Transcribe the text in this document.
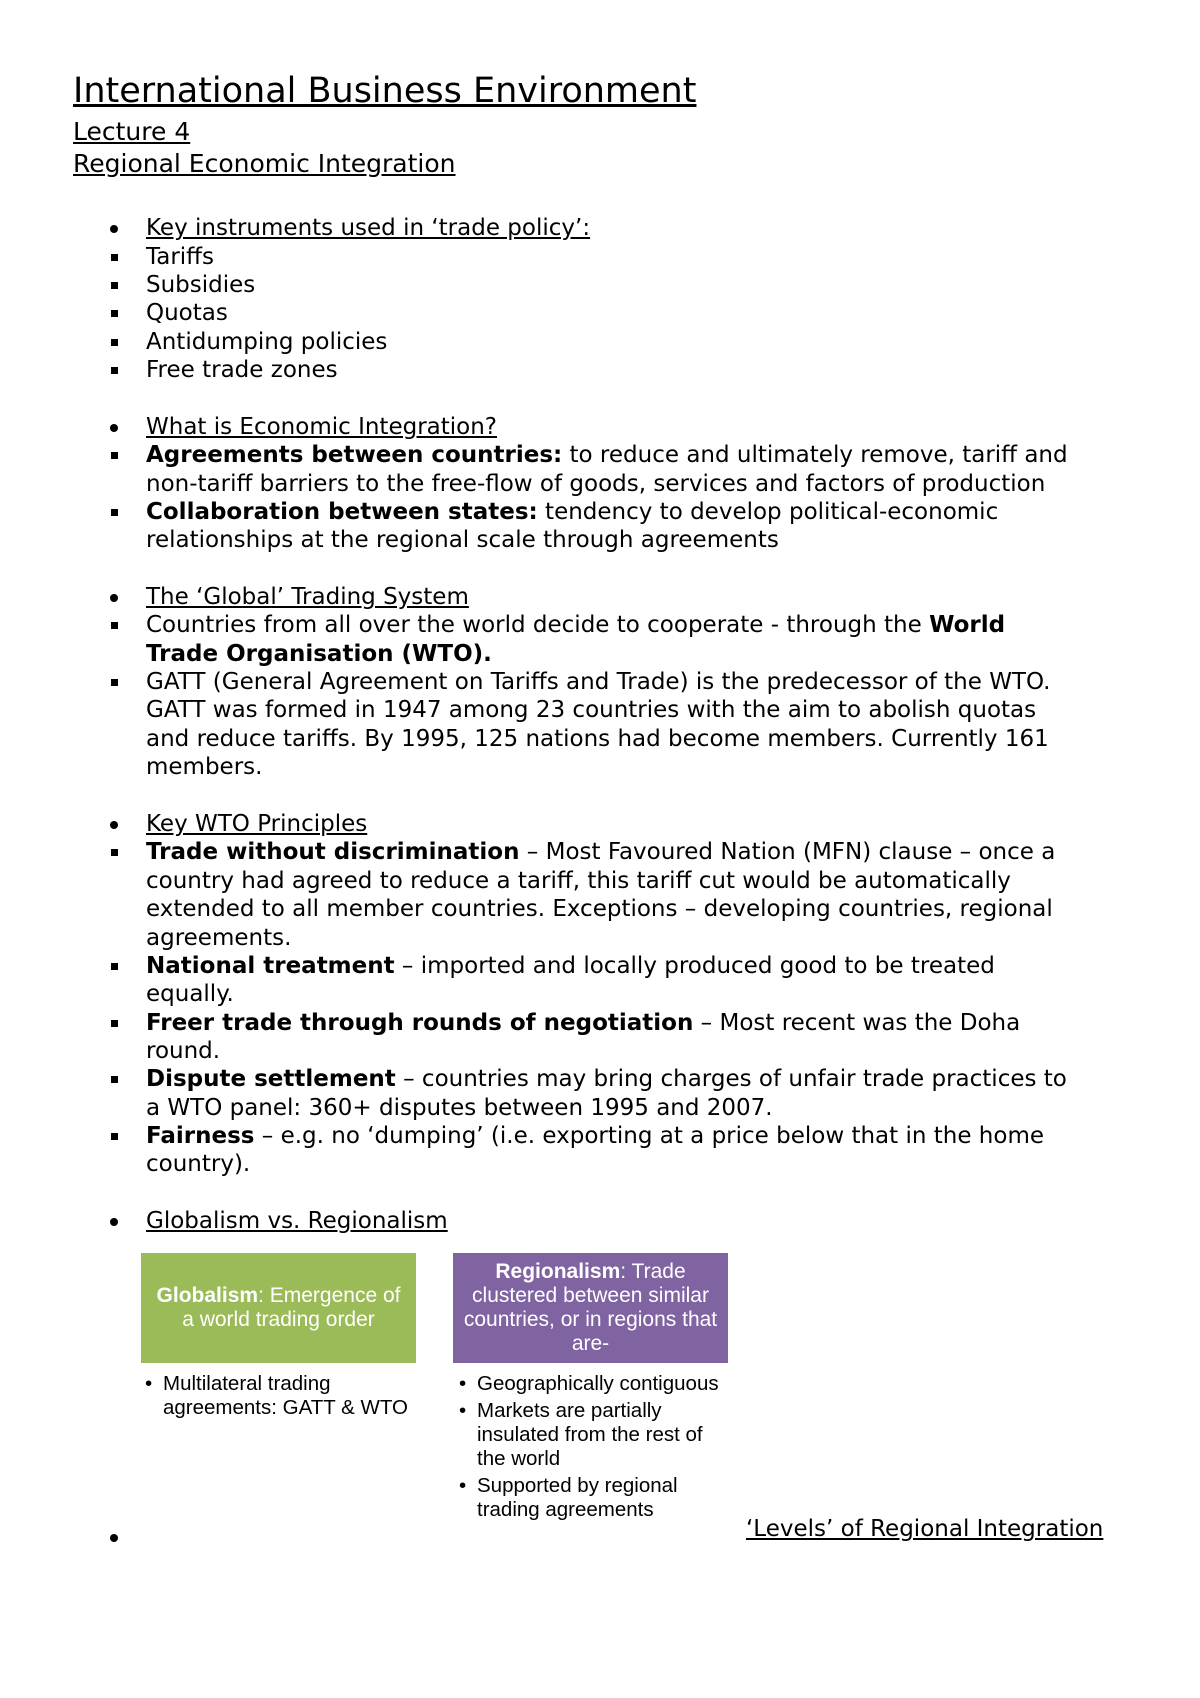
International Business Environment
Lecture 4
Regional Economic Integration
Key instruments used in ‘trade policy’:
Tariffs
Subsidies
Quotas
Antidumping policies
Free trade zones
What is Economic Integration?
Agreements between countries: to reduce and ultimately remove, tariff and
non-tariff barriers to the free-flow of goods, services and factors of production
Collaboration between states: tendency to develop political-economic
relationships at the regional scale through agreements
The ‘Global’ Trading System
Countries from all over the world decide to cooperate - through the World
Trade Organisation (WTO).
GATT (General Agreement on Tariffs and Trade) is the predecessor of the WTO.
GATT was formed in 1947 among 23 countries with the aim to abolish quotas
and reduce tariffs. By 1995, 125 nations had become members. Currently 161
members.
Key WTO Principles
Trade without discrimination – Most Favoured Nation (MFN) clause – once a
country had agreed to reduce a tariff, this tariff cut would be automatically
extended to all member countries. Exceptions – developing countries, regional
agreements.
National treatment – imported and locally produced good to be treated
equally.
Freer trade through rounds of negotiation – Most recent was the Doha
round.
Dispute settlement – countries may bring charges of unfair trade practices to
a WTO panel: 360+ disputes between 1995 and 2007.
Fairness – e.g. no ‘dumping’ (i.e. exporting at a price below that in the home
country).
Globalism vs. Regionalism
Globalism: Emergence of a world trading order
• Multilateral trading agreements: GATT & WTO
Regionalism: Trade clustered between similar countries, or in regions that are-
• Geographically contiguous
• Markets are partially insulated from the rest of the world
• Supported by regional trading agreements
‘Levels’ of Regional Integration
